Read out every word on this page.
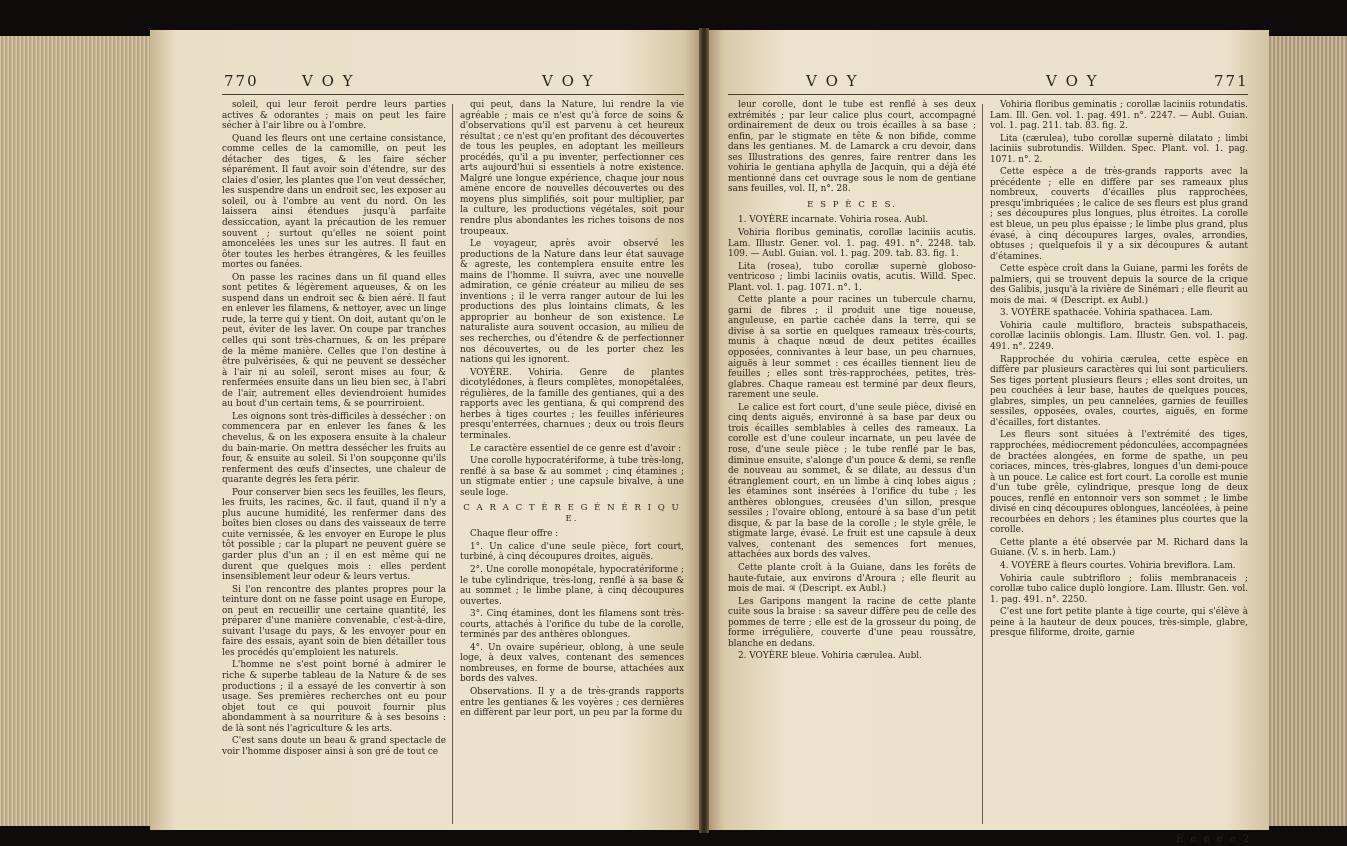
770	V O Y	V O Y

soleil, qui leur feroit perdre leurs parties actives & odorantes ; mais on peut les faire sécher à l'air libre ou à l'ombre.

Quand les fleurs ont une certaine consistance, comme celles de la camomille, on peut les détacher des tiges, & les faire sécher séparément. Il faut avoir soin d'étendre, sur des claies d'osier, les plantes que l'on veut dessécher, les suspendre dans un endroit sec, les exposer au soleil, ou à l'ombre au vent du nord. On les laissera ainsi étendues jusqu'à parfaite dessiccation, ayant la précaution de les remuer souvent ; surtout qu'elles ne soient point amoncelées les unes sur les autres. Il faut en ôter toutes les herbes étrangères, & les feuilles mortes ou fanées.

On passe les racines dans un fil quand elles sont petites & légèrement aqueuses, & on les suspend dans un endroit sec & bien aéré. Il faut en enlever les filamens, & nettoyer, avec un linge rude, la terre qui y tient. On doit, autant qu'on le peut, éviter de les laver. On coupe par tranches celles qui sont très-charnues, & on les prépare de la même manière. Celles que l'on destine à être pulvérisées, & qui ne peuvent se dessécher à l'air ni au soleil, seront mises au four, & renfermées ensuite dans un lieu bien sec, à l'abri de l'air, autrement elles deviendroient humides au bout d'un certain tems, & se pourriroient.

Les oignons sont très-difficiles à dessécher : on commencera par en enlever les fanes & les chevelus, & on les exposera ensuite à la chaleur du bain-marie. On mettra dessécher les fruits au four, & ensuite au soleil. Si l'on soupçonne qu'ils renferment des œufs d'insectes, une chaleur de quarante degrés les fera périr.

Pour conserver bien secs les feuilles, les fleurs, les fruits, les racines, &c. il faut, quand il n'y a plus aucune humidité, les renfermer dans des boîtes bien closes ou dans des vaisseaux de terre cuite vernissée, & les envoyer en Europe le plus tôt possible ; car la plupart ne peuvent guère se garder plus d'un an ; il en est même qui ne durent que quelques mois : elles perdent insensiblement leur odeur & leurs vertus.

Si l'on rencontre des plantes propres pour la teinture dont on ne fasse point usage en Europe, on peut en recueillir une certaine quantité, les préparer d'une manière convenable, c'est-à-dire, suivant l'usage du pays, & les envoyer pour en faire des essais, ayant soin de bien détailler tous les procédés qu'emploient les naturels.

L'homme ne s'est point borné à admirer le riche & superbe tableau de la Nature & de ses productions ; il a essayé de les convertir à son usage. Ses premières recherches ont eu pour objet tout ce qui pouvoit fournir plus abondamment à sa nourriture & à ses besoins : de là sont nés l'agriculture & les arts.

C'est sans doute un beau & grand spectacle de voir l'homme disposer ainsi à son gré de tout ce

qui peut, dans la Nature, lui rendre la vie agréable ; mais ce n'est qu'à force de soins & d'observations qu'il est parvenu à cet heureux résultat ; ce n'est qu'en profitant des découvertes de tous les peuples, en adoptant les meilleurs procédés, qu'il a pu inventer, perfectionner ces arts aujourd'hui si essentiels à notre existence. Malgré une longue expérience, chaque jour nous amène encore de nouvelles découvertes ou des moyens plus simplifiés, soit pour multiplier, par la culture, les productions végétales, soit pour rendre plus abondantes les riches toisons de nos troupeaux.

Le voyageur, après avoir observé les productions de la Nature dans leur état sauvage & agreste, les contemplera ensuite entre les mains de l'homme. Il suivra, avec une nouvelle admiration, ce génie créateur au milieu de ses inventions ; il le verra ranger autour de lui les productions des plus lointains climats, & les approprier au bonheur de son existence. Le naturaliste aura souvent occasion, au milieu de ses recherches, ou d'étendre & de perfectionner nos découvertes, ou de les porter chez les nations qui les ignorent.

VOYÈRE. Vohiria. Genre de plantes dicotylédones, à fleurs complètes, monopétalées, régulières, de la famille des gentianes, qui a des rapports avec les gentiana, & qui comprend des herbes à tiges courtes ; les feuilles inférieures presqu'enterrées, charnues ; deux ou trois fleurs terminales.

Le caractère essentiel de ce genre est d'avoir :

Une corolle hypocratériforme, à tube très-long, renflé à sa base & au sommet ; cinq étamines ; un stigmate entier ; une capsule bivalve, à une seule loge.

C A R A C T È R E G É N É R I Q U E.

Chaque fleur offre :

1°. Un calice d'une seule pièce, fort court, turbiné, à cinq découpures droites, aiguës.

2°. Une corolle monopétale, hypocratériforme ; le tube cylindrique, très-long, renflé à sa base & au sommet ; le limbe plane, à cinq découpures ouvertes.

3°. Cinq étamines, dont les filamens sont très-courts, attachés à l'orifice du tube de la corolle, terminés par des anthères oblongues.

4°. Un ovaire supérieur, oblong, à une seule loge, à deux valves, contenant des semences nombreuses, en forme de bourse, attachées aux bords des valves.

Observations. Il y a de très-grands rapports entre les gentianes & les voyères ; ces dernières en diffèrent par leur port, un peu par la forme du

V O Y	V O Y	771

leur corolle, dont le tube est renflé à ses deux extrémités ; par leur calice plus court, accompagné ordinairement de deux ou trois écailles à sa base ; enfin, par le stigmate en tête & non bifide, comme dans les gentianes. M. de Lamarck a cru devoir, dans ses Illustrations des genres, faire rentrer dans les vohiria le gentiana aphylla de Jacquin, qui a déjà été mentionné dans cet ouvrage sous le nom de gentiane sans feuilles, vol. II, n°. 28.

E S P È C E S.

1. VOYÈRE incarnate. Vohiria rosea. Aubl.

Vohiria floribus geminatis, corollæ laciniis acutis. Lam. Illustr. Gener. vol. 1. pag. 491. n°. 2248. tab. 109. — Aubl. Guian. vol. 1. pag. 209. tab. 83. fig. 1.

Lita (rosea), tubo corollæ supernè globoso-ventricoso ; limbi laciniis ovatis, acutis. Willd. Spec. Plant. vol. 1. pag. 1071. n°. 1.

Cette plante a pour racines un tubercule charnu, garni de fibres ; il produit une tige noueuse, anguleuse, en partie cachée dans la terre, qui se divise à sa sortie en quelques rameaux très-courts, munis à chaque nœud de deux petites écailles opposées, connivantes à leur base, un peu charnues, aiguës à leur sommet : ces écailles tiennent lieu de feuilles ; elles sont très-rapprochées, petites, très-glabres. Chaque rameau est terminé par deux fleurs, rarement une seule.

Le calice est fort court, d'une seule pièce, divisé en cinq dents aiguës, environné à sa base par deux ou trois écailles semblables à celles des rameaux. La corolle est d'une couleur incarnate, un peu lavée de rose, d'une seule pièce ; le tube renflé par le bas, diminue ensuite, s'alonge d'un pouce & demi, se renfle de nouveau au sommet, & se dilate, au dessus d'un étranglement court, en un limbe à cinq lobes aigus ; les étamines sont insérées à l'orifice du tube ; les anthères oblongues, creusées d'un sillon, presque sessiles ; l'ovaire oblong, entouré à sa base d'un petit disque, & par la base de la corolle ; le style grêle, le stigmate large, évasé. Le fruit est une capsule à deux valves, contenant des semences fort menues, attachées aux bords des valves.

Cette plante croît à la Guiane, dans les forêts de haute-futaie, aux environs d'Aroura ; elle fleurit au mois de mai. ♃ (Descript. ex Aubl.)

Les Garipons mangent la racine de cette plante cuite sous la braise : sa saveur diffère peu de celle des pommes de terre ; elle est de la grosseur du poing, de forme irrégulière, couverte d'une peau roussâtre, blanche en dedans.

2. VOYÈRE bleue. Vohiria cærulea. Aubl.

Vohiria floribus geminatis ; corollæ laciniis rotundatis. Lam. Ill. Gen. vol. 1. pag. 491. n°. 2247. — Aubl. Guian. vol. 1. pag. 211. tab. 83. fig. 2.

Lita (cærulea), tubo corollæ supernè dilatato ; limbi laciniis subrotundis. Willden. Spec. Plant. vol. 1. pag. 1071. n°. 2.

Cette espèce a de très-grands rapports avec la précédente ; elle en diffère par ses rameaux plus nombreux, couverts d'écailles plus rapprochées, presqu'imbriquées ; le calice de ses fleurs est plus grand ; ses découpures plus longues, plus étroites. La corolle est bleue, un peu plus épaisse ; le limbe plus grand, plus évasé, à cinq découpures larges, ovales, arrondies, obtuses ; quelquefois il y a six découpures & autant d'étamines.

Cette espèce croît dans la Guiane, parmi les forêts de palmiers, qui se trouvent depuis la source de la crique des Galibis, jusqu'à la rivière de Sinémari ; elle fleurit au mois de mai. ♃ (Descript. ex Aubl.)

3. VOYÈRE spathacée. Vohiria spathacea. Lam.

Vohiria caule multifloro, bracteis subspathaceis, corollæ laciniis oblongis. Lam. Illustr. Gen. vol. 1. pag. 491. n°. 2249.

Rapprochée du vohiria cærulea, cette espèce en diffère par plusieurs caractères qui lui sont particuliers. Ses tiges portent plusieurs fleurs ; elles sont droites, un peu couchées à leur base, hautes de quelques pouces, glabres, simples, un peu cannelées, garnies de feuilles sessiles, opposées, ovales, courtes, aiguës, en forme d'écailles, fort distantes.

Les fleurs sont situées à l'extrémité des tiges, rapprochées, médiocrement pédonculées, accompagnées de bractées alongées, en forme de spathe, un peu coriaces, minces, très-glabres, longues d'un demi-pouce à un pouce. Le calice est fort court. La corolle est munie d'un tube grêle, cylindrique, presque long de deux pouces, renflé en entonnoir vers son sommet ; le limbe divisé en cinq découpures oblongues, lancéolées, à peine recourbées en dehors ; les étamines plus courtes que la corolle.

Cette plante a été observée par M. Richard dans la Guiane. (V. s. in herb. Lam.)

4. VOYÈRE à fleurs courtes. Vohiria breviflora. Lam.

Vohiria caule subtrifloro ; foliis membranaceis ; corollæ tubo calice duplò longiore. Lam. Illustr. Gen. vol. 1. pag. 491. n°. 2250.

C'est une fort petite plante à tige courte, qui s'élève à peine à la hauteur de deux pouces, très-simple, glabre, presque filiforme, droite, garnie

E e e e e 2
